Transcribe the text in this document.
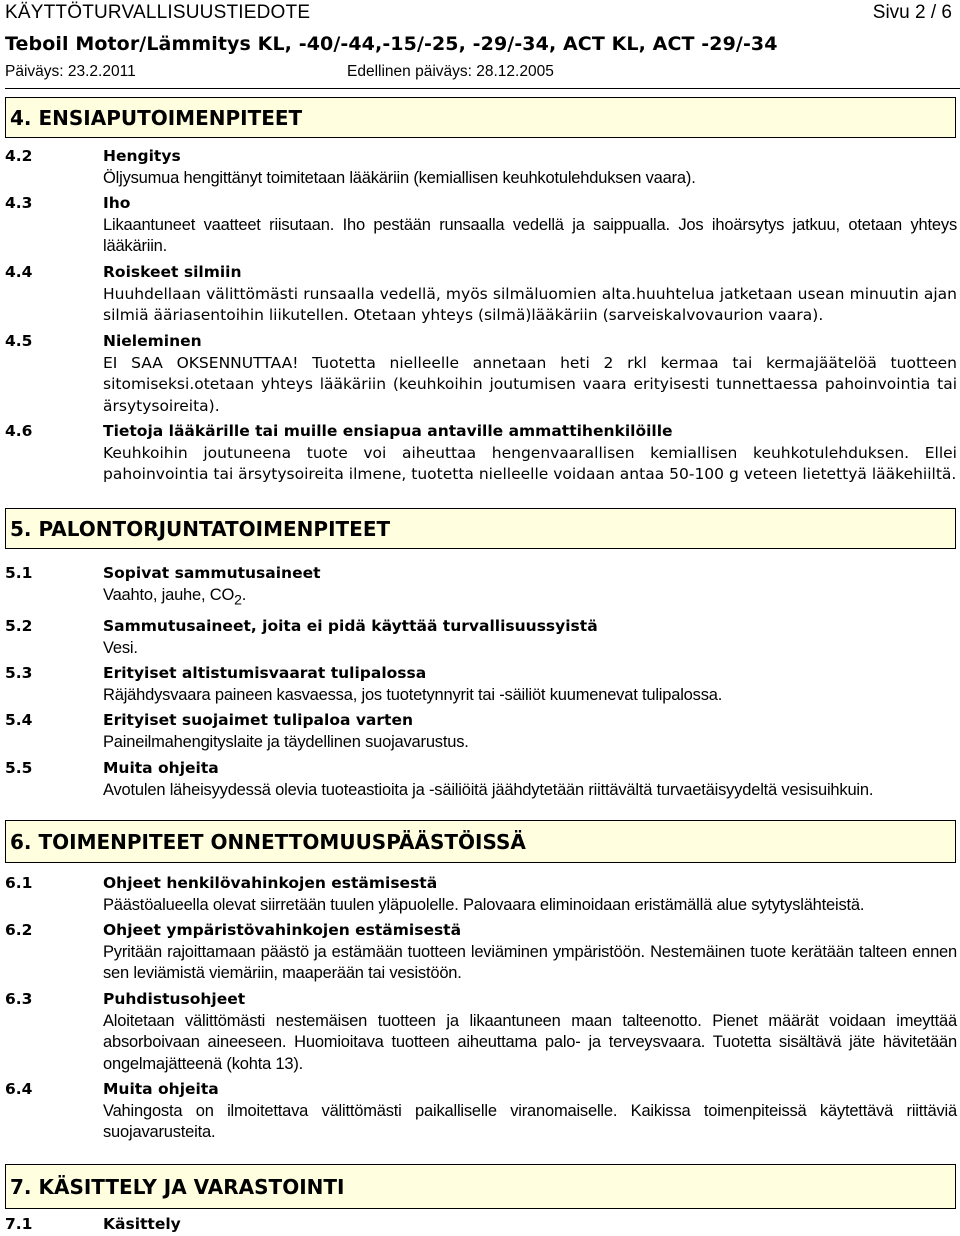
KÄYTTÖTURVALLISUUSTIEDOTE	Sivu 2 / 6
Teboil Motor/Lämmitys KL, -40/-44,-15/-25, -29/-34, ACT KL, ACT -29/-34
Päiväys: 23.2.2011	Edellinen päiväys: 28.12.2005
4. ENSIAPUTOIMENPITEET
4.2	Hengitys
Öljysumua hengittänyt toimitetaan lääkäriin (kemiallisen keuhkotulehduksen vaara).
4.3	Iho
Likaantuneet vaatteet riisutaan. Iho pestään runsaalla vedellä ja saippualla. Jos ihoärsytys jatkuu, otetaan yhteys lääkäriin.
4.4	Roiskeet silmiin
Huuhdellaan välittömästi runsaalla vedellä, myös silmäluomien alta.huuhtelua jatketaan usean minuutin ajan silmiä ääriasentoihin liikutellen. Otetaan yhteys (silmä)lääkäriin (sarveiskalvovaurion vaara).
4.5	Nieleminen
EI SAA OKSENNUTTAA! Tuotetta nielleelle annetaan heti 2 rkl kermaa tai kermajäätelöä tuotteen sitomiseksi.otetaan yhteys lääkäriin (keuhkoihin joutumisen vaara erityisesti tunnettaessa pahoinvointia tai ärsytysoireita).
4.6	Tietoja lääkärille tai muille ensiapua antaville ammattihenkilöille
Keuhkoihin joutuneena tuote voi aiheuttaa hengenvaarallisen kemiallisen keuhkotulehduksen. Ellei pahoinvointia tai ärsytysoireita ilmene, tuotetta nielleelle voidaan antaa 50-100 g veteen lietettyä lääkehiiltä.
5. PALONTORJUNTATOIMENPITEET
5.1	Sopivat sammutusaineet
Vaahto, jauhe, $CO_2$.
5.2	Sammutusaineet, joita ei pidä käyttää turvallisuussyistä
Vesi.
5.3	Erityiset altistumisvaarat tulipalossa
Räjähdysvaara paineen kasvaessa, jos tuotetynnyrit tai -säiliöt kuumenevat tulipalossa.
5.4	Erityiset suojaimet tulipaloa varten
Paineilmahengityslaite ja täydellinen suojavarustus.
5.5	Muita ohjeita
Avotulen läheisyydessä olevia tuoteastioita ja -säiliöitä jäähdytetään riittävältä turvaetäisyydeltä vesisuihkuin.
6. TOIMENPITEET ONNETTOMUUSPÄÄSTÖISSÄ
6.1	Ohjeet henkilövahinkojen estämisestä
Päästöalueella olevat siirretään tuulen yläpuolelle. Palovaara eliminoidaan eristämällä alue sytytyslähteistä.
6.2	Ohjeet ympäristövahinkojen estämisestä
Pyritään rajoittamaan päästö ja estämään tuotteen leviäminen ympäristöön. Nestemäinen tuote kerätään talteen ennen sen leviämistä viemäriin, maaperään tai vesistöön.
6.3	Puhdistusohjeet
Aloitetaan välittömästi nestemäisen tuotteen ja likaantuneen maan talteenotto. Pienet määrät voidaan imeyttää absorboivaan aineeseen. Huomioitava tuotteen aiheuttama palo- ja terveysvaara. Tuotetta sisältävä jäte hävitetään ongelmajätteenä (kohta 13).
6.4	Muita ohjeita
Vahingosta on ilmoitettava välittömästi paikalliselle viranomaiselle. Kaikissa toimenpiteissä käytettävä riittäviä suojavarusteita.
7. KÄSITTELY JA VARASTOINTI
7.1	Käsittely
